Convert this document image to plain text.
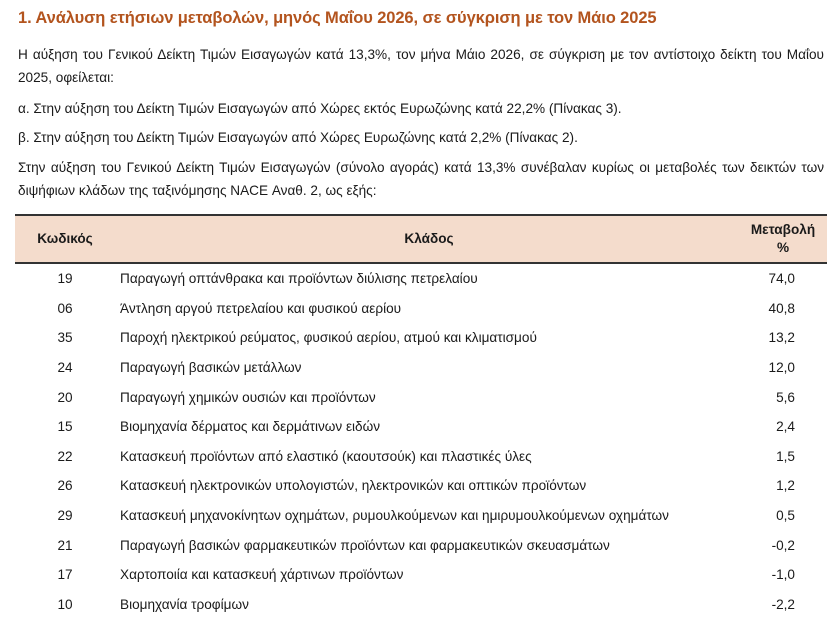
1. Ανάλυση ετήσιων μεταβολών, μηνός Μαΐου 2026, σε σύγκριση με τον Μάιο 2025
Η αύξηση του Γενικού Δείκτη Τιμών Εισαγωγών κατά 13,3%, τον μήνα Μάιο 2026, σε σύγκριση με τον αντίστοιχο δείκτη του Μαΐου 2025, οφείλεται:
α. Στην αύξηση του Δείκτη Τιμών Εισαγωγών από Χώρες εκτός Ευρωζώνης κατά 22,2% (Πίνακας 3).
β. Στην αύξηση του Δείκτη Τιμών Εισαγωγών από Χώρες Ευρωζώνης κατά 2,2% (Πίνακας 2).
Στην αύξηση του Γενικού Δείκτη Τιμών Εισαγωγών (σύνολο αγοράς) κατά 13,3% συνέβαλαν κυρίως οι μεταβολές των δεικτών των διψήφιων κλάδων της ταξινόμησης NACE Αναθ. 2, ως εξής:
Κωδικός	Κλάδος	Μεταβολή
%
19	Παραγωγή οπτάνθρακα και προϊόντων διύλισης πετρελαίου	74,0
06	Άντληση αργού πετρελαίου και φυσικού αερίου	40,8
35	Παροχή ηλεκτρικού ρεύματος, φυσικού αερίου, ατμού και κλιματισμού	13,2
24	Παραγωγή βασικών μετάλλων	12,0
20	Παραγωγή χημικών ουσιών και προϊόντων	5,6
15	Βιομηχανία δέρματος και δερμάτινων ειδών	2,4
22	Κατασκευή προϊόντων από ελαστικό (καουτσούκ) και πλαστικές ύλες	1,5
26	Κατασκευή ηλεκτρονικών υπολογιστών, ηλεκτρονικών και οπτικών προϊόντων	1,2
29	Κατασκευή μηχανοκίνητων οχημάτων, ρυμουλκούμενων και ημιρυμουλκούμενων οχημάτων	0,5
21	Παραγωγή βασικών φαρμακευτικών προϊόντων και φαρμακευτικών σκευασμάτων	-0,2
17	Χαρτοποιία και κατασκευή χάρτινων προϊόντων	-1,0
10	Βιομηχανία τροφίμων	-2,2
